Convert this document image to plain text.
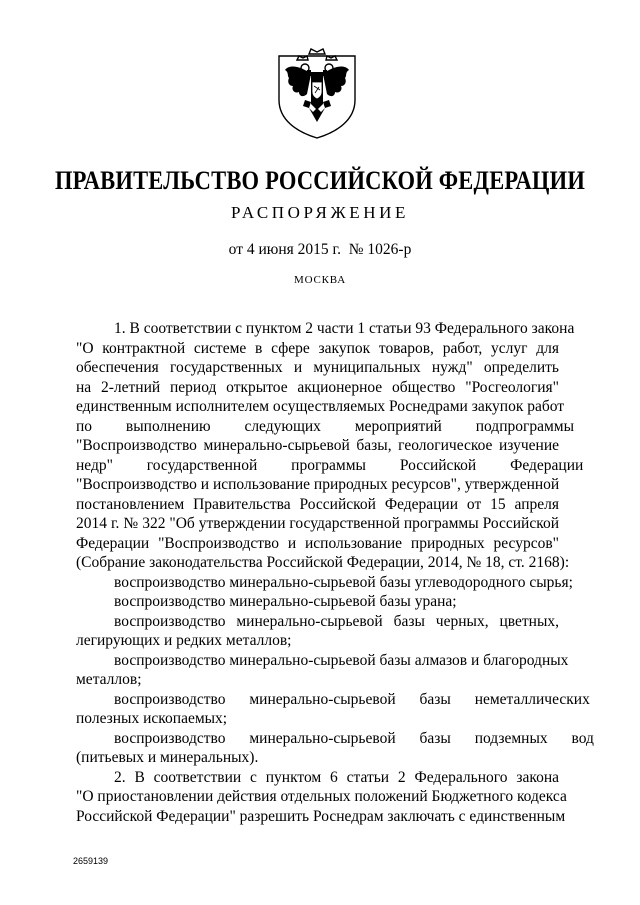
ПРАВИТЕЛЬСТВО РОССИЙСКОЙ ФЕДЕРАЦИИ
РАСПОРЯЖЕНИЕ
от 4 июня 2015 г.  № 1026-р
МОСКВА
1. В соответствии с пунктом 2 части 1 статьи 93 Федерального закона
"О контрактной системе в сфере закупок товаров, работ, услуг для
обеспечения государственных и муниципальных нужд" определить
на 2-летний период открытое акционерное общество "Росгеология"
единственным исполнителем осуществляемых Роснедрами закупок работ
по выполнению следующих мероприятий подпрограммы
"Воспроизводство минерально-сырьевой базы, геологическое изучение
недр" государственной программы Российской Федерации
"Воспроизводство и использование природных ресурсов", утвержденной
постановлением Правительства Российской Федерации от 15 апреля
2014 г. № 322 "Об утверждении государственной программы Российской
Федерации "Воспроизводство и использование природных ресурсов"
(Собрание законодательства Российской Федерации, 2014, № 18, ст. 2168):
воспроизводство минерально-сырьевой базы углеводородного сырья;
воспроизводство минерально-сырьевой базы урана;
воспроизводство минерально-сырьевой базы черных, цветных,
легирующих и редких металлов;
воспроизводство минерально-сырьевой базы алмазов и благородных
металлов;
воспроизводство минерально-сырьевой базы неметаллических
полезных ископаемых;
воспроизводство минерально-сырьевой базы подземных вод
(питьевых и минеральных).
2. В соответствии с пунктом 6 статьи 2 Федерального закона
"О приостановлении действия отдельных положений Бюджетного кодекса
Российской Федерации" разрешить Роснедрам заключать с единственным
2659139
